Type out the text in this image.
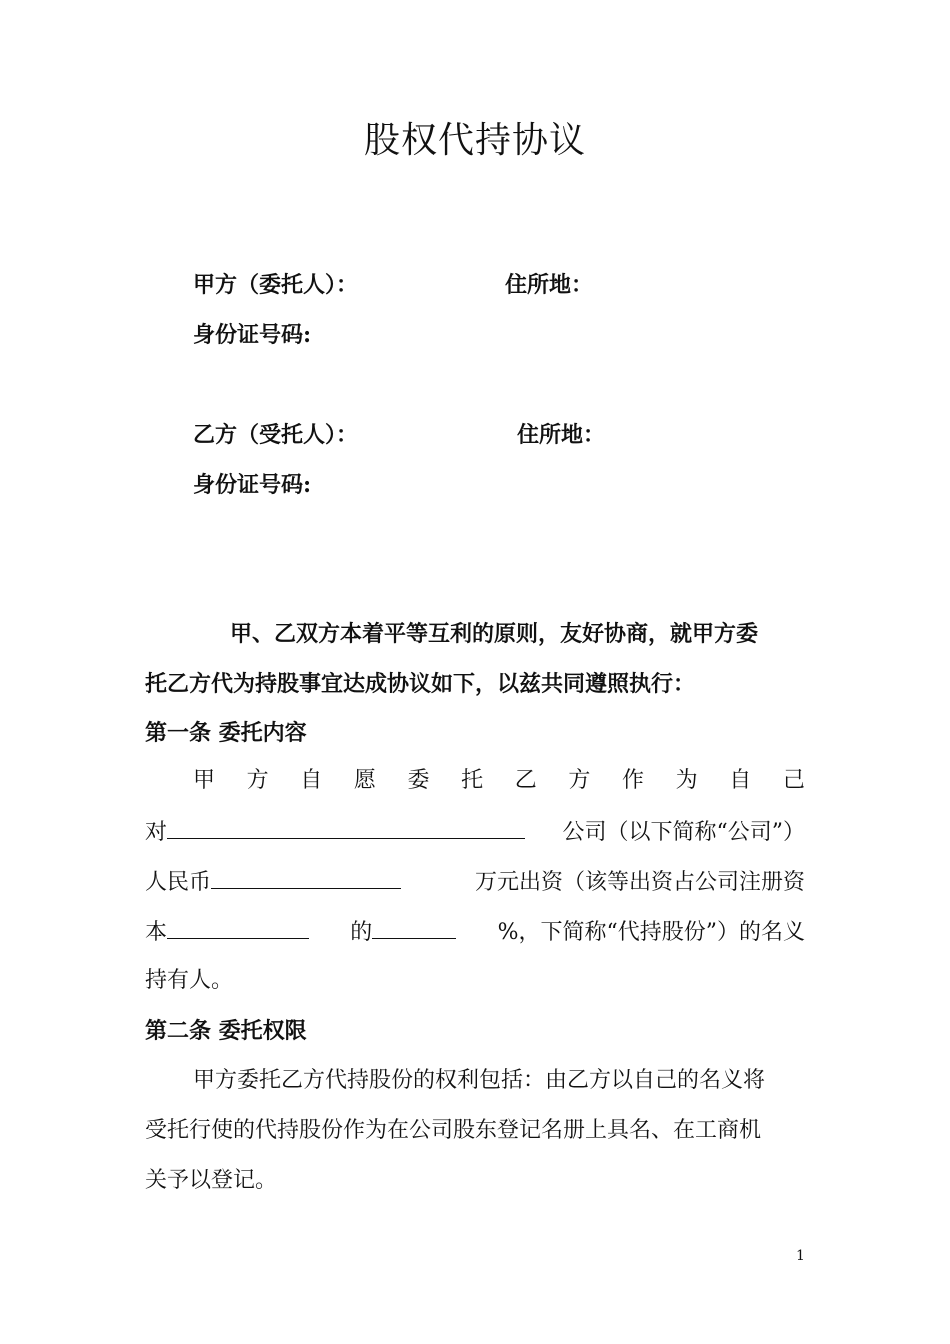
股权代持协议
甲方（委托人）：	住所地：
身份证号码:
乙方（受托人）：	住所地：
身份证号码:
甲、乙双方本着平等互利的原则，友好协商，就甲方委
托乙方代为持股事宜达成协议如下，以兹共同遵照执行：
第一条 委托内容
甲 方 自 愿 委 托 乙 方 作 为 自 己
对	公司（以下简称“公司”）
人民币	万元出资（该等出资占公司注册资
本	的	%，下简称“代持股份”）的名义
持有人。
第二条 委托权限
甲方委托乙方代持股份的权利包括：由乙方以自己的名义将
受托行使的代持股份作为在公司股东登记名册上具名、在工商机
关予以登记。
1
